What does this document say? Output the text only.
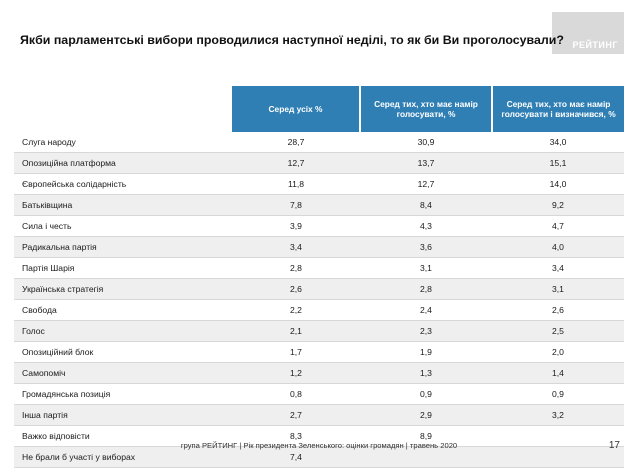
РЕЙТИНГ
Якби парламентські вибори проводилися наступної неділі, то як би Ви проголосували?
	Серед усіх %	Серед тих, хто має намір голосувати, %	Серед тих, хто має намір голосувати і визначився, %
Слуга народу	28,7	30,9	34,0
Опозиційна платформа	12,7	13,7	15,1
Європейська солідарність	11,8	12,7	14,0
Батьківщина	7,8	8,4	9,2
Сила і честь	3,9	4,3	4,7
Радикальна партія	3,4	3,6	4,0
Партія Шарія	2,8	3,1	3,4
Українська стратегія	2,6	2,8	3,1
Свобода	2,2	2,4	2,6
Голос	2,1	2,3	2,5
Опозиційний блок	1,7	1,9	2,0
Самопоміч	1,2	1,3	1,4
Громадянська позиція	0,8	0,9	0,9
Інша партія	2,7	2,9	3,2
Важко відповісти	8,3	8,9	
Не брали б участі у виборах	7,4		
група РЕЙТИНГ | Рік президента Зеленського: оцінки громадян | травень 2020	17
